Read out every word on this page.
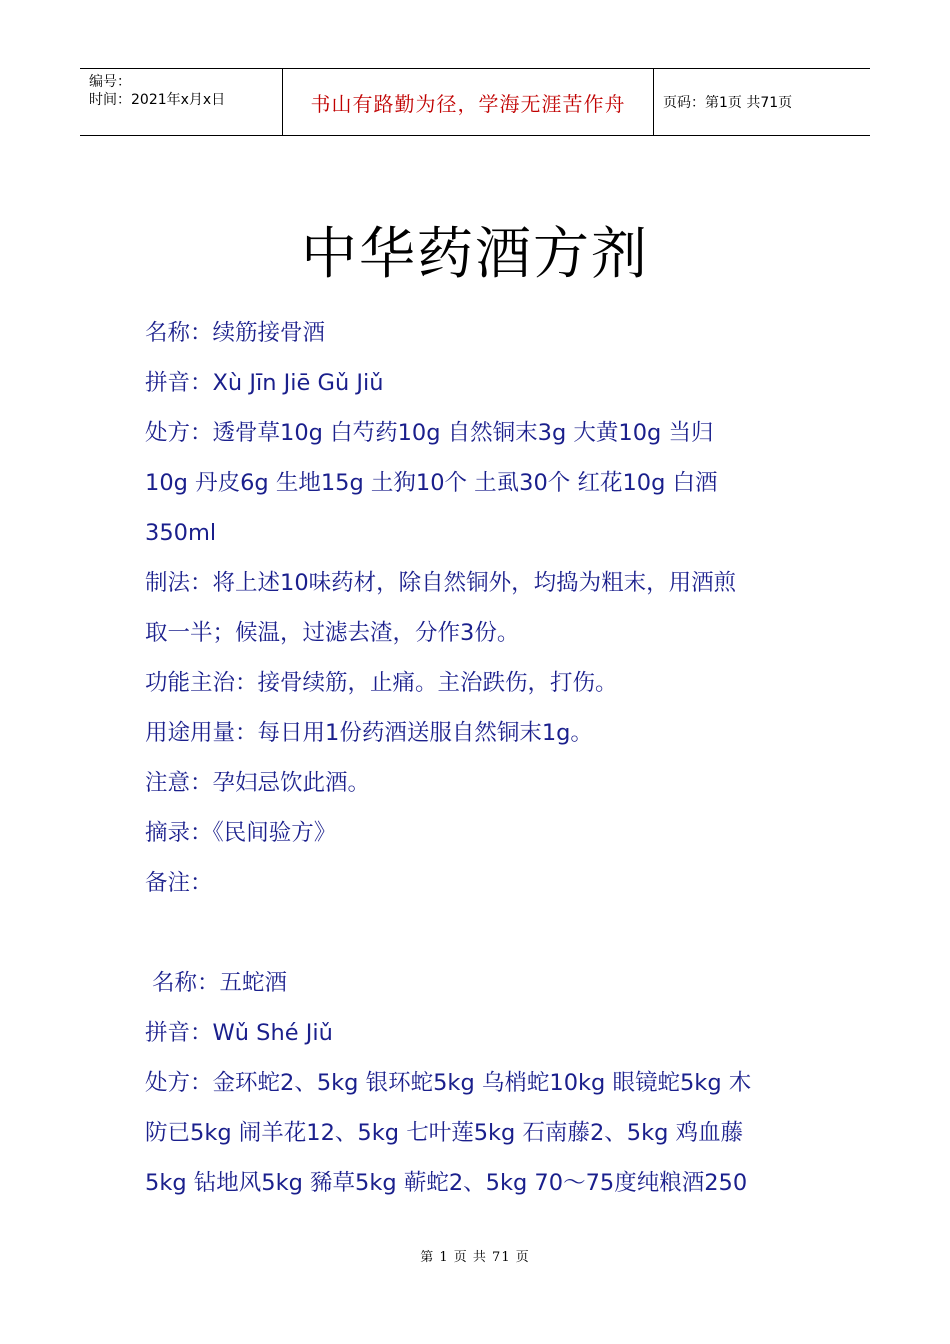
编号：
时间：2021年x月x日	书山有路勤为径，学海无涯苦作舟	页码：第1页 共71页
中华药酒方剂
名称：续筋接骨酒
拼音：Xù Jīn Jiē Gǔ Jiǔ
处方：透骨草10g 白芍药10g 自然铜末3g 大黄10g 当归
10g 丹皮6g 生地15g 土狗10个 土虱30个 红花10g 白酒
350ml
制法：将上述10味药材，除自然铜外，均捣为粗末，用酒煎
取一半；候温，过滤去渣，分作3份。
功能主治：接骨续筋，止痛。主治跌伤，打伤。
用途用量：每日用1份药酒送服自然铜末1g。
注意：孕妇忌饮此酒。
摘录：《民间验方》
备注：
名称：五蛇酒
拼音：Wǔ Shé Jiǔ
处方：金环蛇2、5kg 银环蛇5kg 乌梢蛇10kg 眼镜蛇5kg 木
防已5kg 闹羊花12、5kg 七叶莲5kg 石南藤2、5kg 鸡血藤
5kg 钻地风5kg 豨草5kg 蕲蛇2、5kg 70～75度纯粮酒250
第 1 页 共 71 页
